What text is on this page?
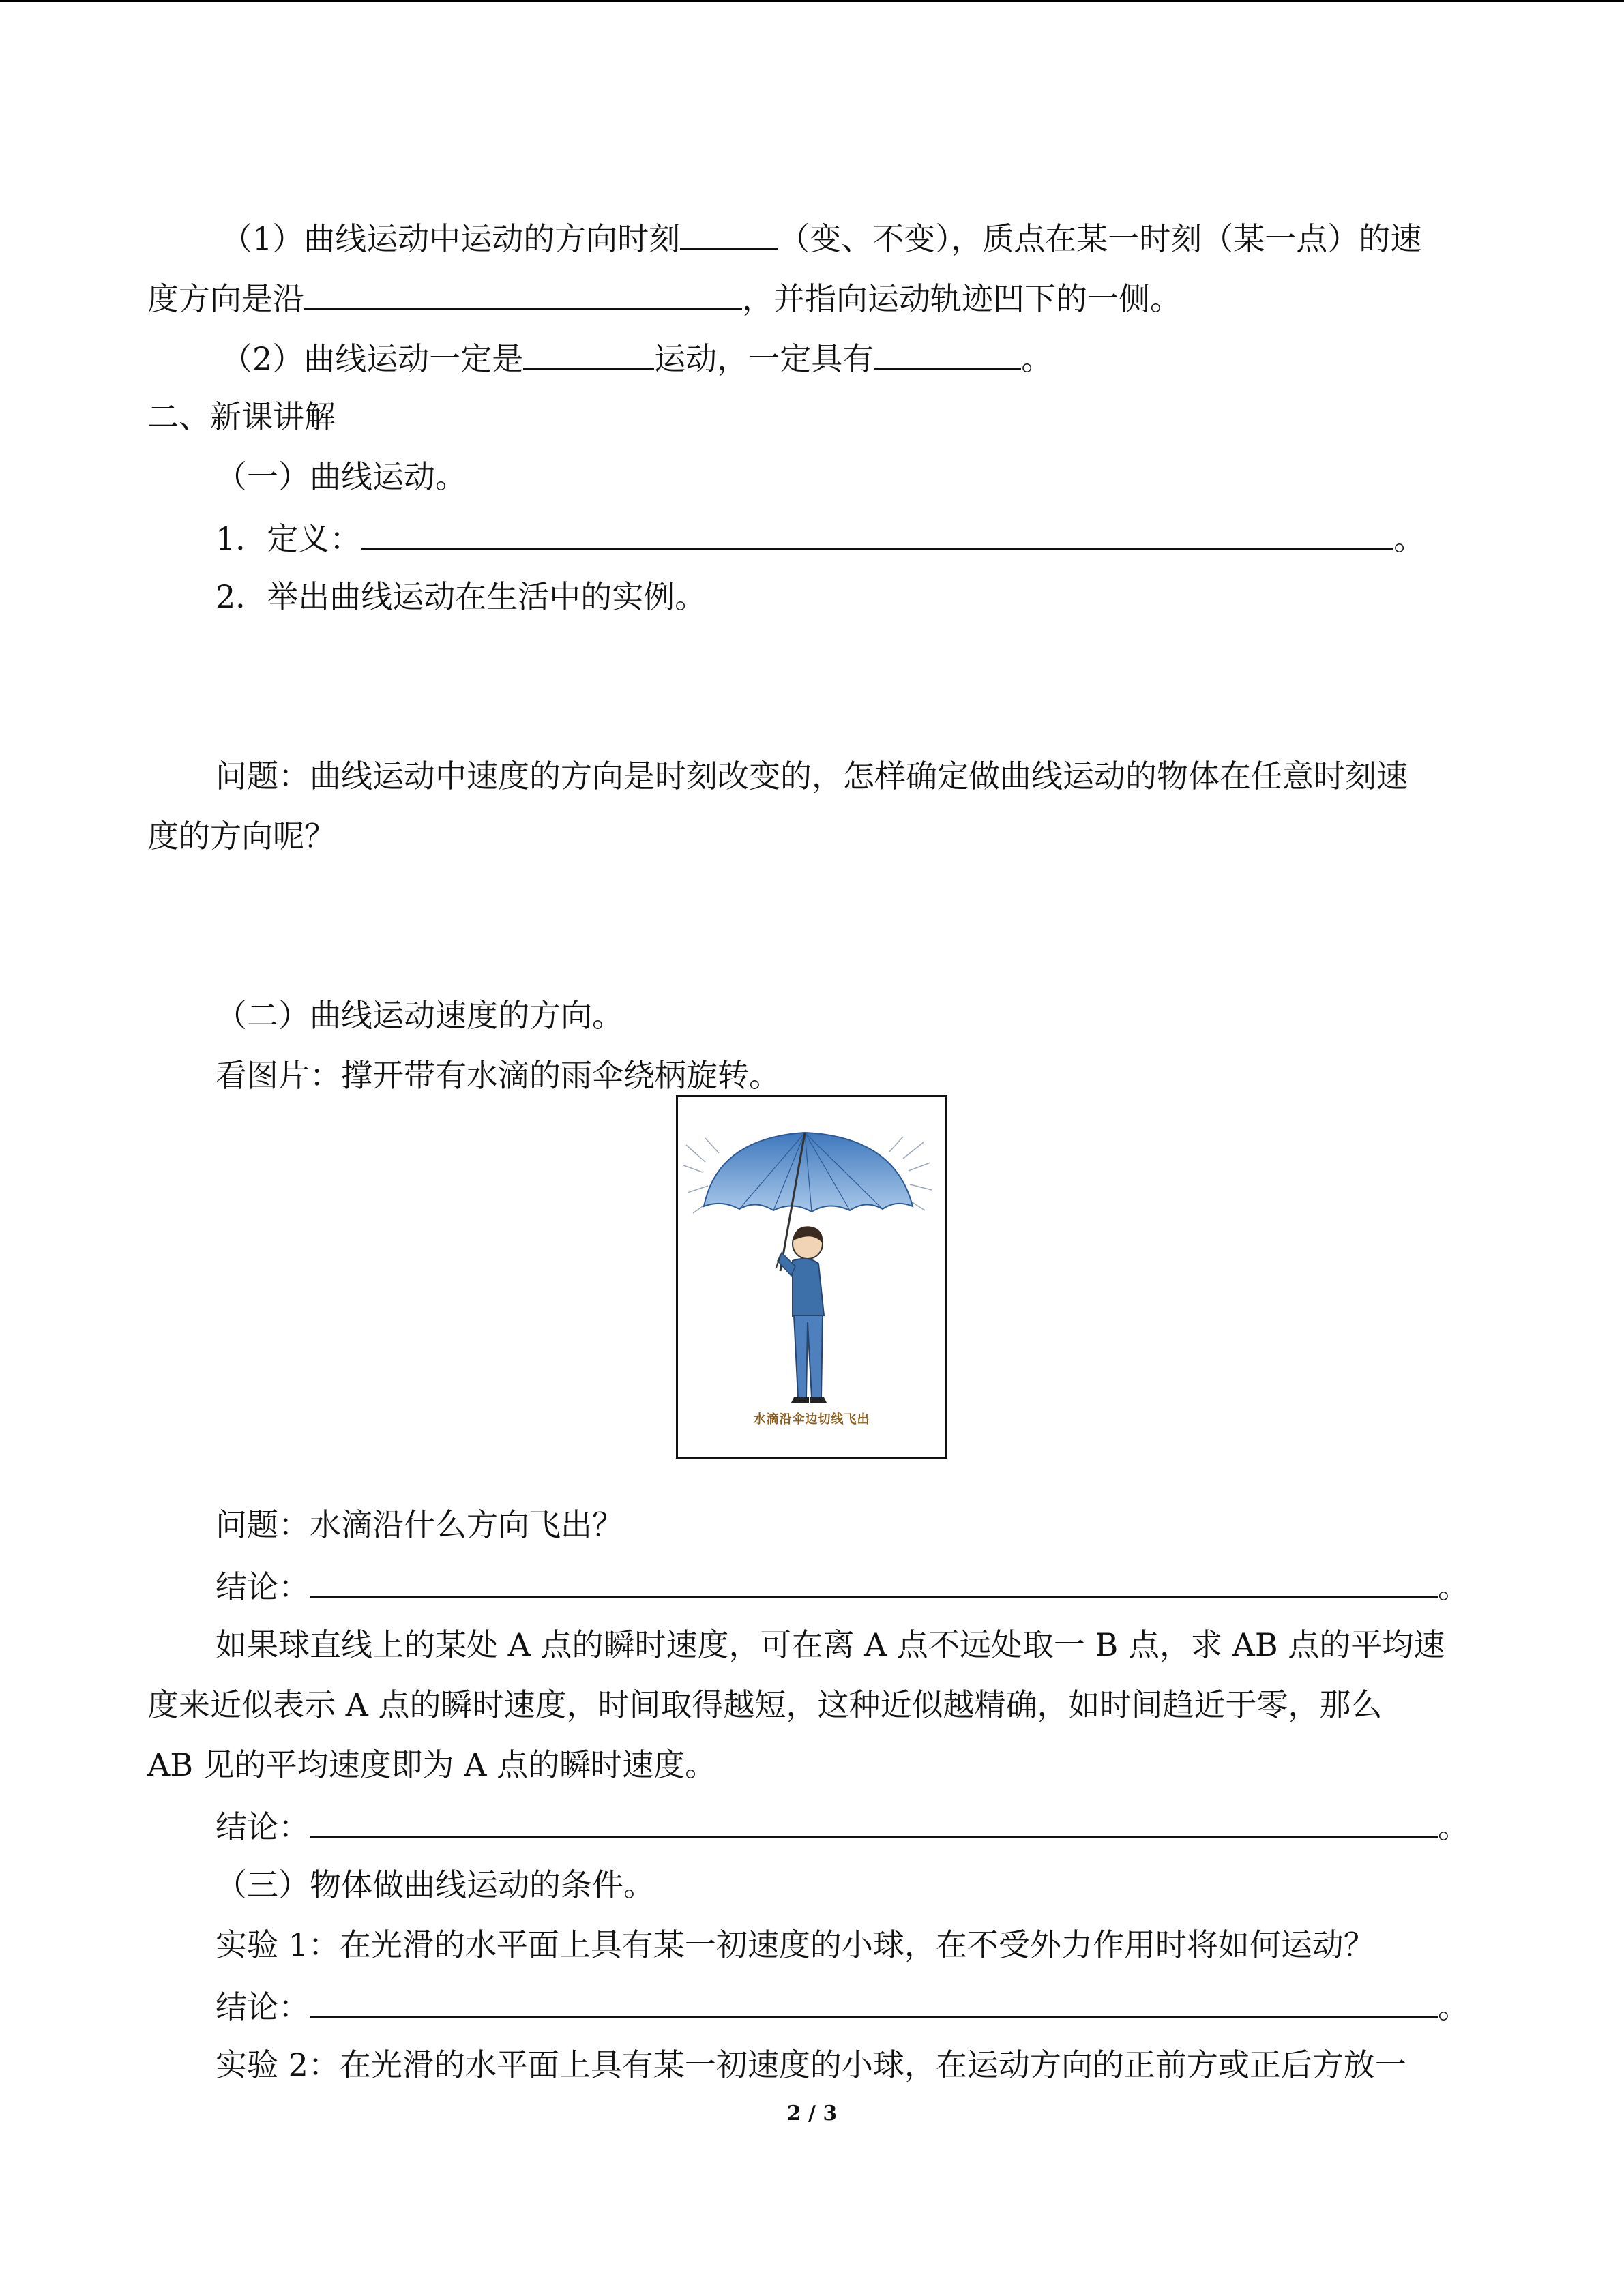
（1）曲线运动中运动的方向时刻	（变、不变），质点在某一时刻（某一点）的速
度方向是沿	，并指向运动轨迹凹下的一侧。
（2）曲线运动一定是	运动，一定具有	。
二、新课讲解
（一）曲线运动。
1．定义：	。
2．举出曲线运动在生活中的实例。
问题：曲线运动中速度的方向是时刻改变的，怎样确定做曲线运动的物体在任意时刻速
度的方向呢？
（二）曲线运动速度的方向。
看图片：撑开带有水滴的雨伞绕柄旋转。
水滴沿伞边切线飞出
问题：水滴沿什么方向飞出？
结论：	。
如果球直线上的某处 A 点的瞬时速度，可在离 A 点不远处取一 B 点，求 AB 点的平均速
度来近似表示 A 点的瞬时速度，时间取得越短，这种近似越精确，如时间趋近于零，那么
AB 见的平均速度即为 A 点的瞬时速度。
结论：	。
（三）物体做曲线运动的条件。
实验 1：在光滑的水平面上具有某一初速度的小球，在不受外力作用时将如何运动？
结论：	。
实验 2：在光滑的水平面上具有某一初速度的小球，在运动方向的正前方或正后方放一
2 / 3
